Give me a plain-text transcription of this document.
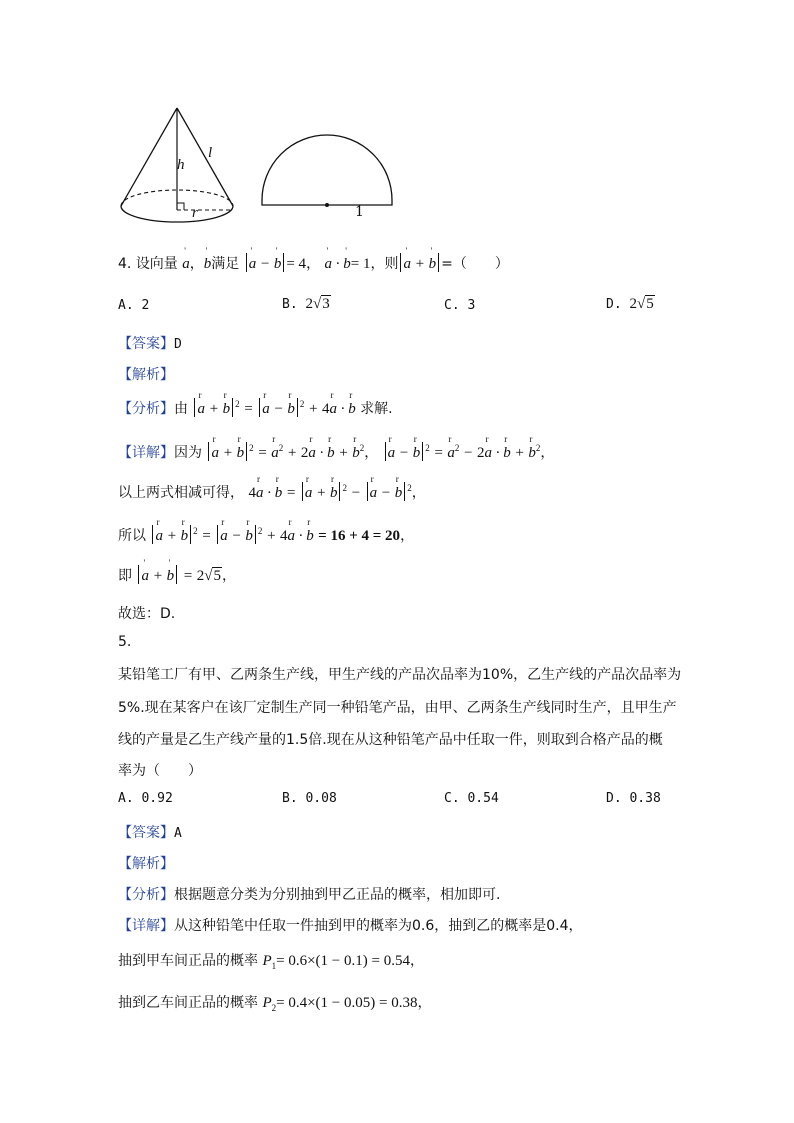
h
l
r	1
4. 设向量 ' a，' b满足 ' a − ' b = 4， ' a · ' b= 1，则 ' a + ' b =（　　）
A. 2	B. 2√3	C. 3	D. 2√5
【答案】D
【解析】
【分析】由 r a + r b $^2$ = r a − r b $^2$ + 4r a · r b 求解.
【详解】因为 r a + r b $^2$ = r $a^2 + 2r$ a · r b + r $b^2$， r a − r b $^2$ = r $a^2 - 2r$ a · r b + r $b^2$，
以上两式相减可得， 4r a · r b = r a + r b $^2$ − r a − r b $^2$，
所以 r a + r b $^2$ = r a − r b $^2$ + 4r a · r b = 16 + 4 = 20，
即 ' a + ' b = 2√5，
故选：D.
5.
某铅笔工厂有甲、乙两条生产线，甲生产线的产品次品率为10%，乙生产线的产品次品率为
5%.现在某客户在该厂定制生产同一种铅笔产品，由甲、乙两条生产线同时生产，且甲生产
线的产量是乙生产线产量的1.5倍.现在从这种铅笔产品中任取一件，则取到合格产品的概
率为（　　）
A. 0.92	B. 0.08	C. 0.54	D. 0.38
【答案】A
【解析】
【分析】根据题意分类为分别抽到甲乙正品的概率，相加即可.
【详解】从这种铅笔中任取一件抽到甲的概率为0.6，抽到乙的概率是0.4，
抽到甲车间正品的概率 $P_1= 0.6\times(1 - 0.1) = 0.54$，
抽到乙车间正品的概率 $P_2= 0.4\times(1 - 0.05) = 0.38$，
